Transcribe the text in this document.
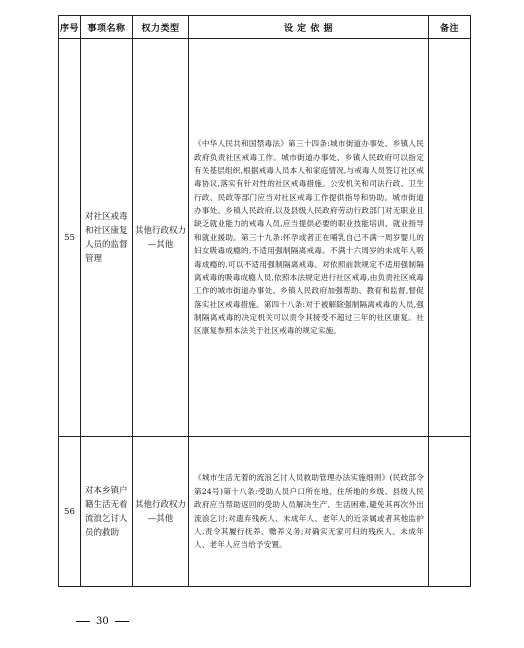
序号	事项名称	权力类型	设 定 依 据	备注
55	对社区戒毒和社区康复人员的监督管理	其他行政权力—其他	《中华人民共和国禁毒法》第三十四条:城市街道办事处、乡镇人民政府负责社区戒毒工作。城市街道办事处、乡镇人民政府可以指定有关基层组织,根据戒毒人员本人和家庭情况,与戒毒人员签订社区戒毒协议,落实有针对性的社区戒毒措施。公安机关和司法行政、卫生行政、民政等部门应当对社区戒毒工作提供指导和协助。城市街道办事处、乡镇人民政府,以及县级人民政府劳动行政部门对无职业且缺乏就业能力的戒毒人员,应当提供必要的职业技能培训、就业指导和就业援助。第三十九条:怀孕或者正在哺乳自己不满一周岁婴儿的妇女吸毒成瘾的,不适用强制隔离戒毒。不满十六周岁的未成年人吸毒成瘾的,可以不适用强制隔离戒毒。对依照前款规定不适用强制隔离戒毒的吸毒成瘾人员,依照本法规定进行社区戒毒,由负责社区戒毒工作的城市街道办事处、乡镇人民政府加强帮助、教育和监督,督促落实社区戒毒措施。第四十八条:对于被解除强制隔离戒毒的人员,强制隔离戒毒的决定机关可以责令其接受不超过三年的社区康复。社区康复参照本法关于社区戒毒的规定实施。	
56	对本乡镇户籍生活无着流浪乞讨人员的救助	其他行政权力—其他	《城市生活无着的流浪乞讨人员救助管理办法实施细则》(民政部令第24号)第十八条:受助人员户口所在地、住所地的乡级、县级人民政府应当帮助返回的受助人员解决生产、生活困难,避免其再次外出流浪乞讨;对遗弃残疾人、未成年人、老年人的近亲属或者其他监护人,责令其履行抚养、赡养义务;对确实无家可归的残疾人、未成年人、老年人应当给予安置。	
30
